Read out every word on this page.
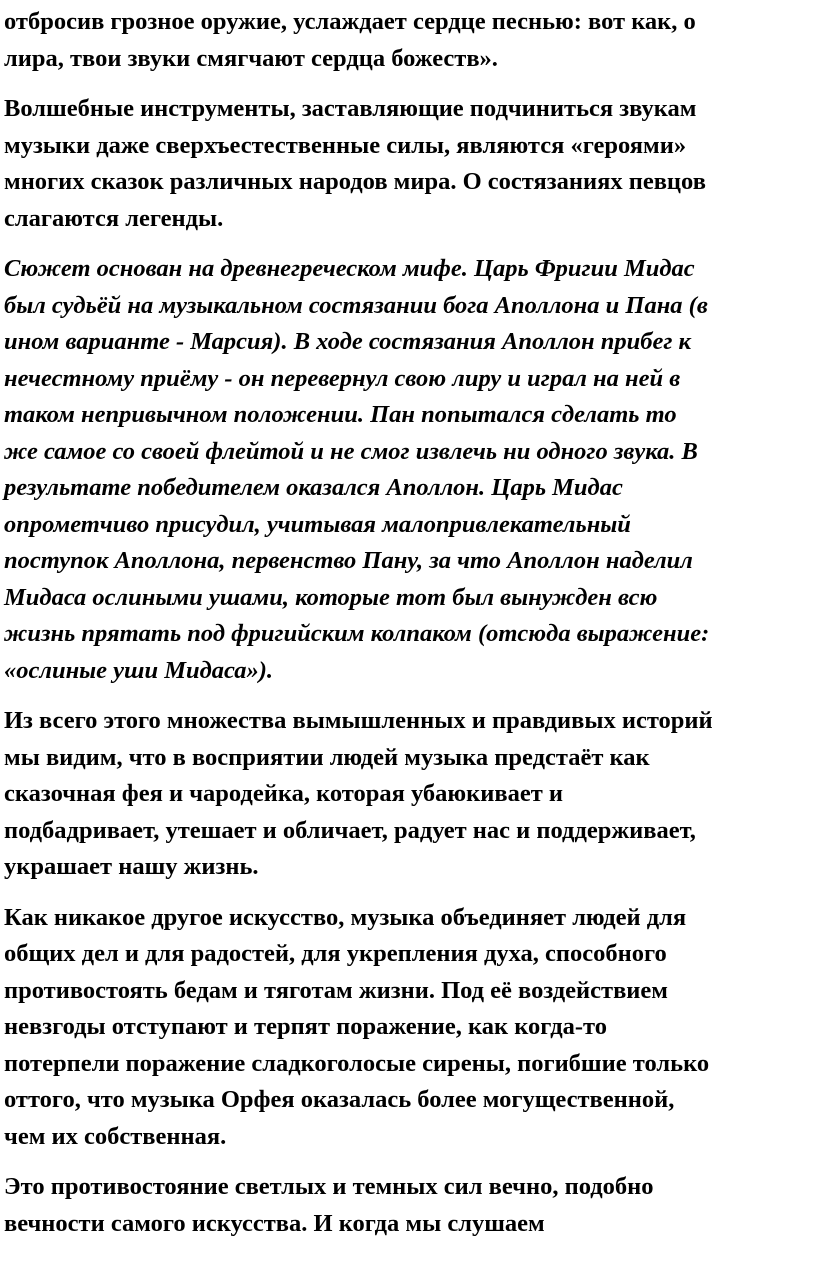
отбросив грозное оружие, услаждает сердце песнью: вот как, о
лира, твои звуки смягчают сердца божеств».

Волшебные инструменты, заставляющие подчиниться звукам
музыки даже сверхъестественные силы, являются «героями»
многих сказок различных народов мира. О состязаниях певцов
слагаются легенды.

Сюжет основан на древнегреческом мифе. Царь Фригии Мидас
был судьёй на музыкальном состязании бога Аполлона и Пана (в
ином варианте - Марсия). В ходе состязания Аполлон прибег к
нечестному приёму - он перевернул свою лиру и играл на ней в
таком непривычном положении. Пан попытался сделать то
же самое со своей флейтой и не смог извлечь ни одного звука. В
результате победителем оказался Аполлон. Царь Мидас
опрометчиво присудил, учитывая малопривлекательный
поступок Аполлона, первенство Пану, за что Аполлон наделил
Мидаса ослиными ушами, которые тот был вынужден всю
жизнь прятать под фригийским колпаком (отсюда выражение:
«ослиные уши Мидаса»).

Из всего этого множества вымышленных и правдивых историй
мы видим, что в восприятии людей музыка предстаёт как
сказочная фея и чародейка, которая убаюкивает и
подбадривает, утешает и обличает, радует нас и поддерживает,
украшает нашу жизнь.

Как никакое другое искусство, музыка объединяет людей для
общих дел и для радостей, для укрепления духа, способного
противостоять бедам и тяготам жизни. Под её воздействием
невзгоды отступают и терпят поражение, как когда-то
потерпели поражение сладкоголосые сирены, погибшие только
оттого, что музыка Орфея оказалась более могущественной,
чем их собственная.

Это противостояние светлых и темных сил вечно, подобно
вечности самого искусства. И когда мы слушаем
